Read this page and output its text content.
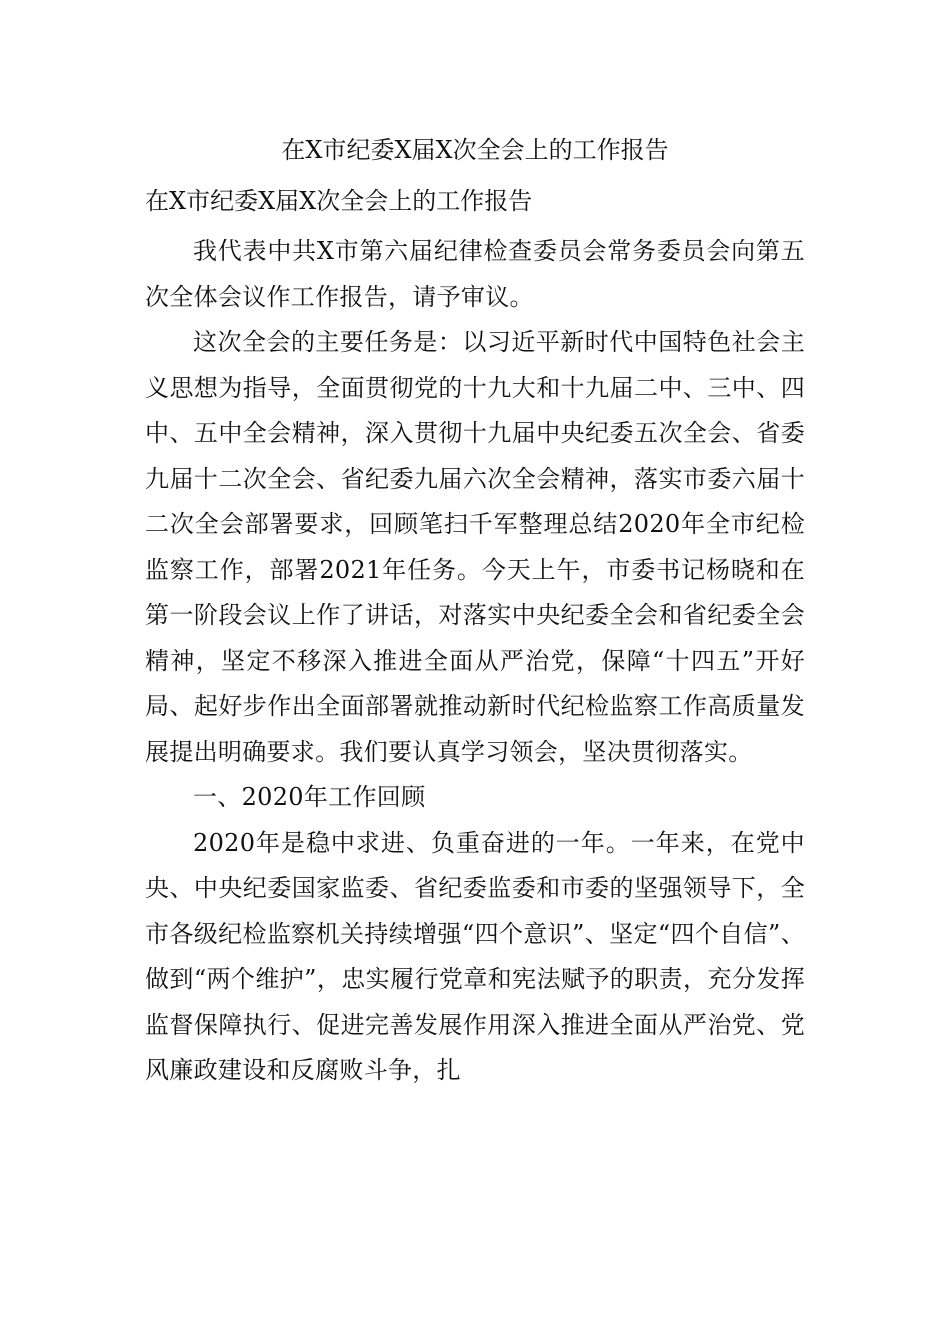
在X市纪委X届X次全会上的工作报告
在X市纪委X届X次全会上的工作报告

我代表中共X市第六届纪律检查委员会常务委员会向第五次全体会议作工作报告，请予审议。

这次全会的主要任务是：以习近平新时代中国特色社会主义思想为指导，全面贯彻党的十九大和十九届二中、三中、四中、五中全会精神，深入贯彻十九届中央纪委五次全会、省委九届十二次全会、省纪委九届六次全会精神，落实市委六届十二次全会部署要求，回顾笔扫千军整理总结2020年全市纪检监察工作，部署2021年任务。今天上午，市委书记杨晓和在第一阶段会议上作了讲话，对落实中央纪委全会和省纪委全会精神，坚定不移深入推进全面从严治党，保障“十四五”开好局、起好步作出全面部署就推动新时代纪检监察工作高质量发展提出明确要求。我们要认真学习领会，坚决贯彻落实。

一、2020年工作回顾

2020年是稳中求进、负重奋进的一年。一年来，在党中央、中央纪委国家监委、省纪委监委和市委的坚强领导下，全市各级纪检监察机关持续增强“四个意识”、坚定“四个自信”、做到“两个维护”，忠实履行党章和宪法赋予的职责，充分发挥监督保障执行、促进完善发展作用深入推进全面从严治党、党风廉政建设和反腐败斗争，扎
